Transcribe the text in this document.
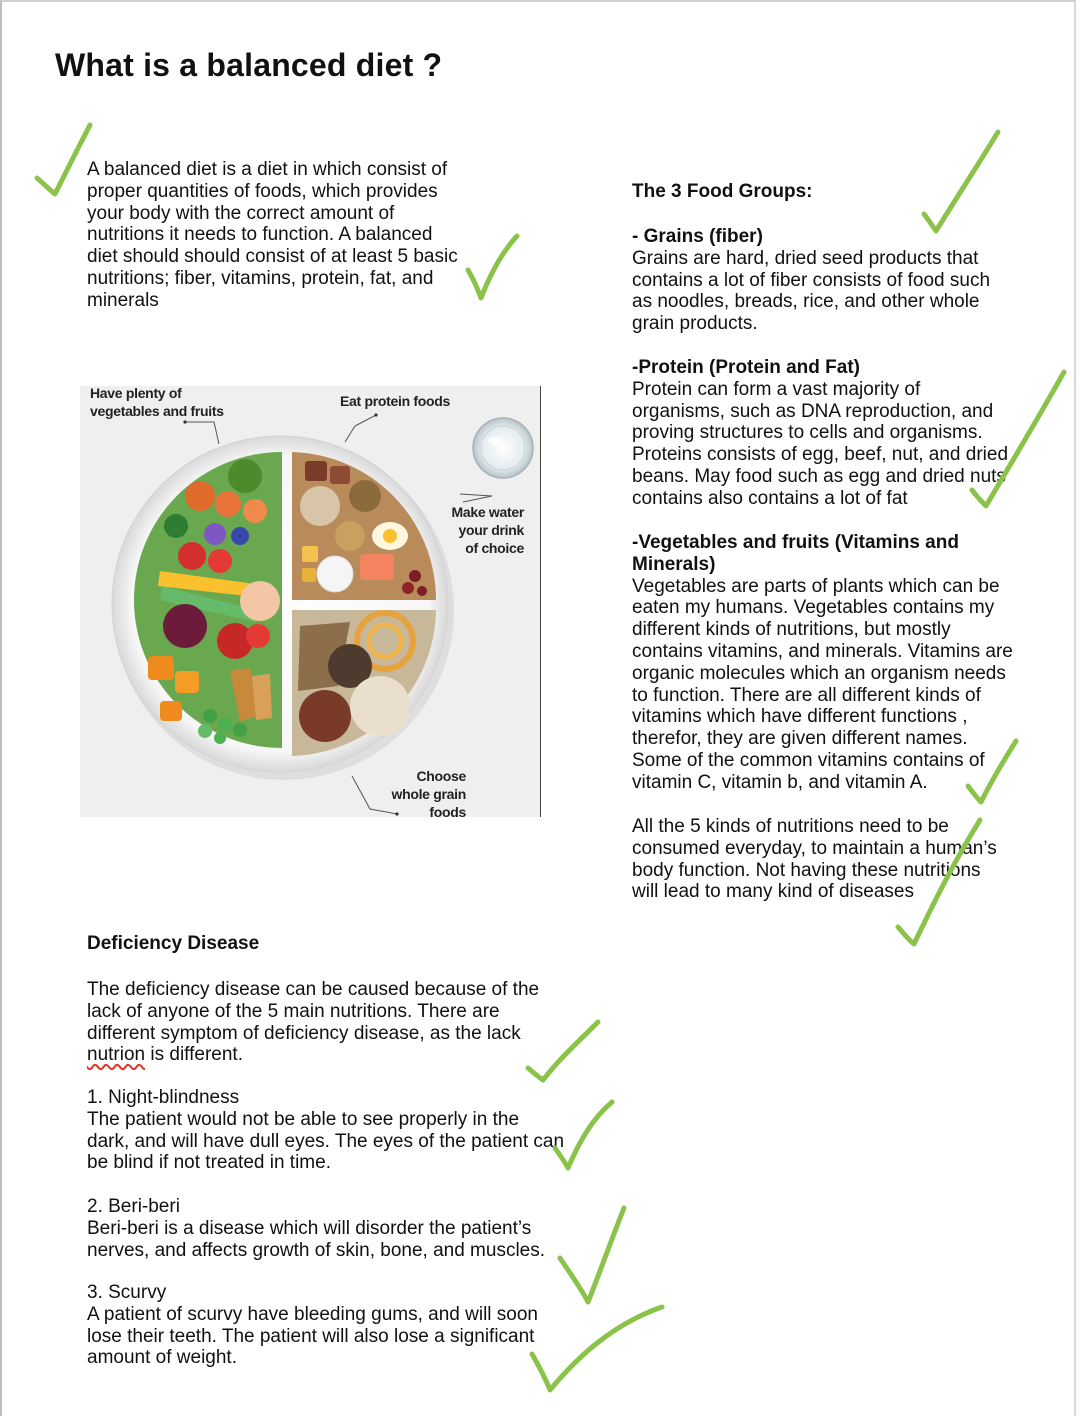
What is a balanced diet ?
A balanced diet is a diet in which consist of
proper quantities of foods, which provides
your body with the correct amount of
nutritions it needs to function. A balanced
diet should should consist of at least 5 basic
nutritions; fiber, vitamins, protein, fat, and
minerals
Have plenty of
vegetables and fruits
Eat protein foods
Make water
your drink
of choice
Choose
whole grain
foods
Deficiency Disease
The deficiency disease can be caused because of the
lack of anyone of the 5 main nutritions. There are
different symptom of deficiency disease, as the lack
nutrion is different.
1. Night-blindness
The patient would not be able to see properly in the
dark, and will have dull eyes. The eyes of the patient can
be blind if not treated in time.
2. Beri-beri
Beri-beri is a disease which will disorder the patient’s
nerves, and affects growth of skin, bone, and muscles.
3. Scurvy
A patient of scurvy have bleeding gums, and will soon
lose their teeth. The patient will also lose a significant
amount of weight.
The 3 Food Groups:
- Grains (fiber)
Grains are hard, dried seed products that
contains a lot of fiber consists of food such
as noodles, breads, rice, and other whole
grain products.
-Protein (Protein and Fat)
Protein can form a vast majority of
organisms, such as DNA reproduction, and
proving structures to cells and organisms.
Proteins consists of egg, beef, nut, and dried
beans. May food such as egg and dried nuts
contains also contains a lot of fat
-Vegetables and fruits (Vitamins and
Minerals)
Vegetables are parts of plants which can be
eaten my humans. Vegetables contains my
different kinds of nutritions, but mostly
contains vitamins, and minerals. Vitamins are
organic molecules which an organism needs
to function. There are all different kinds of
vitamins which have different functions ,
therefor, they are given different names.
Some of the common vitamins contains of
vitamin C, vitamin b, and vitamin A.
All the 5 kinds of nutritions need to be
consumed everyday, to maintain a human’s
body function. Not having these nutritions
will lead to many kind of diseases
